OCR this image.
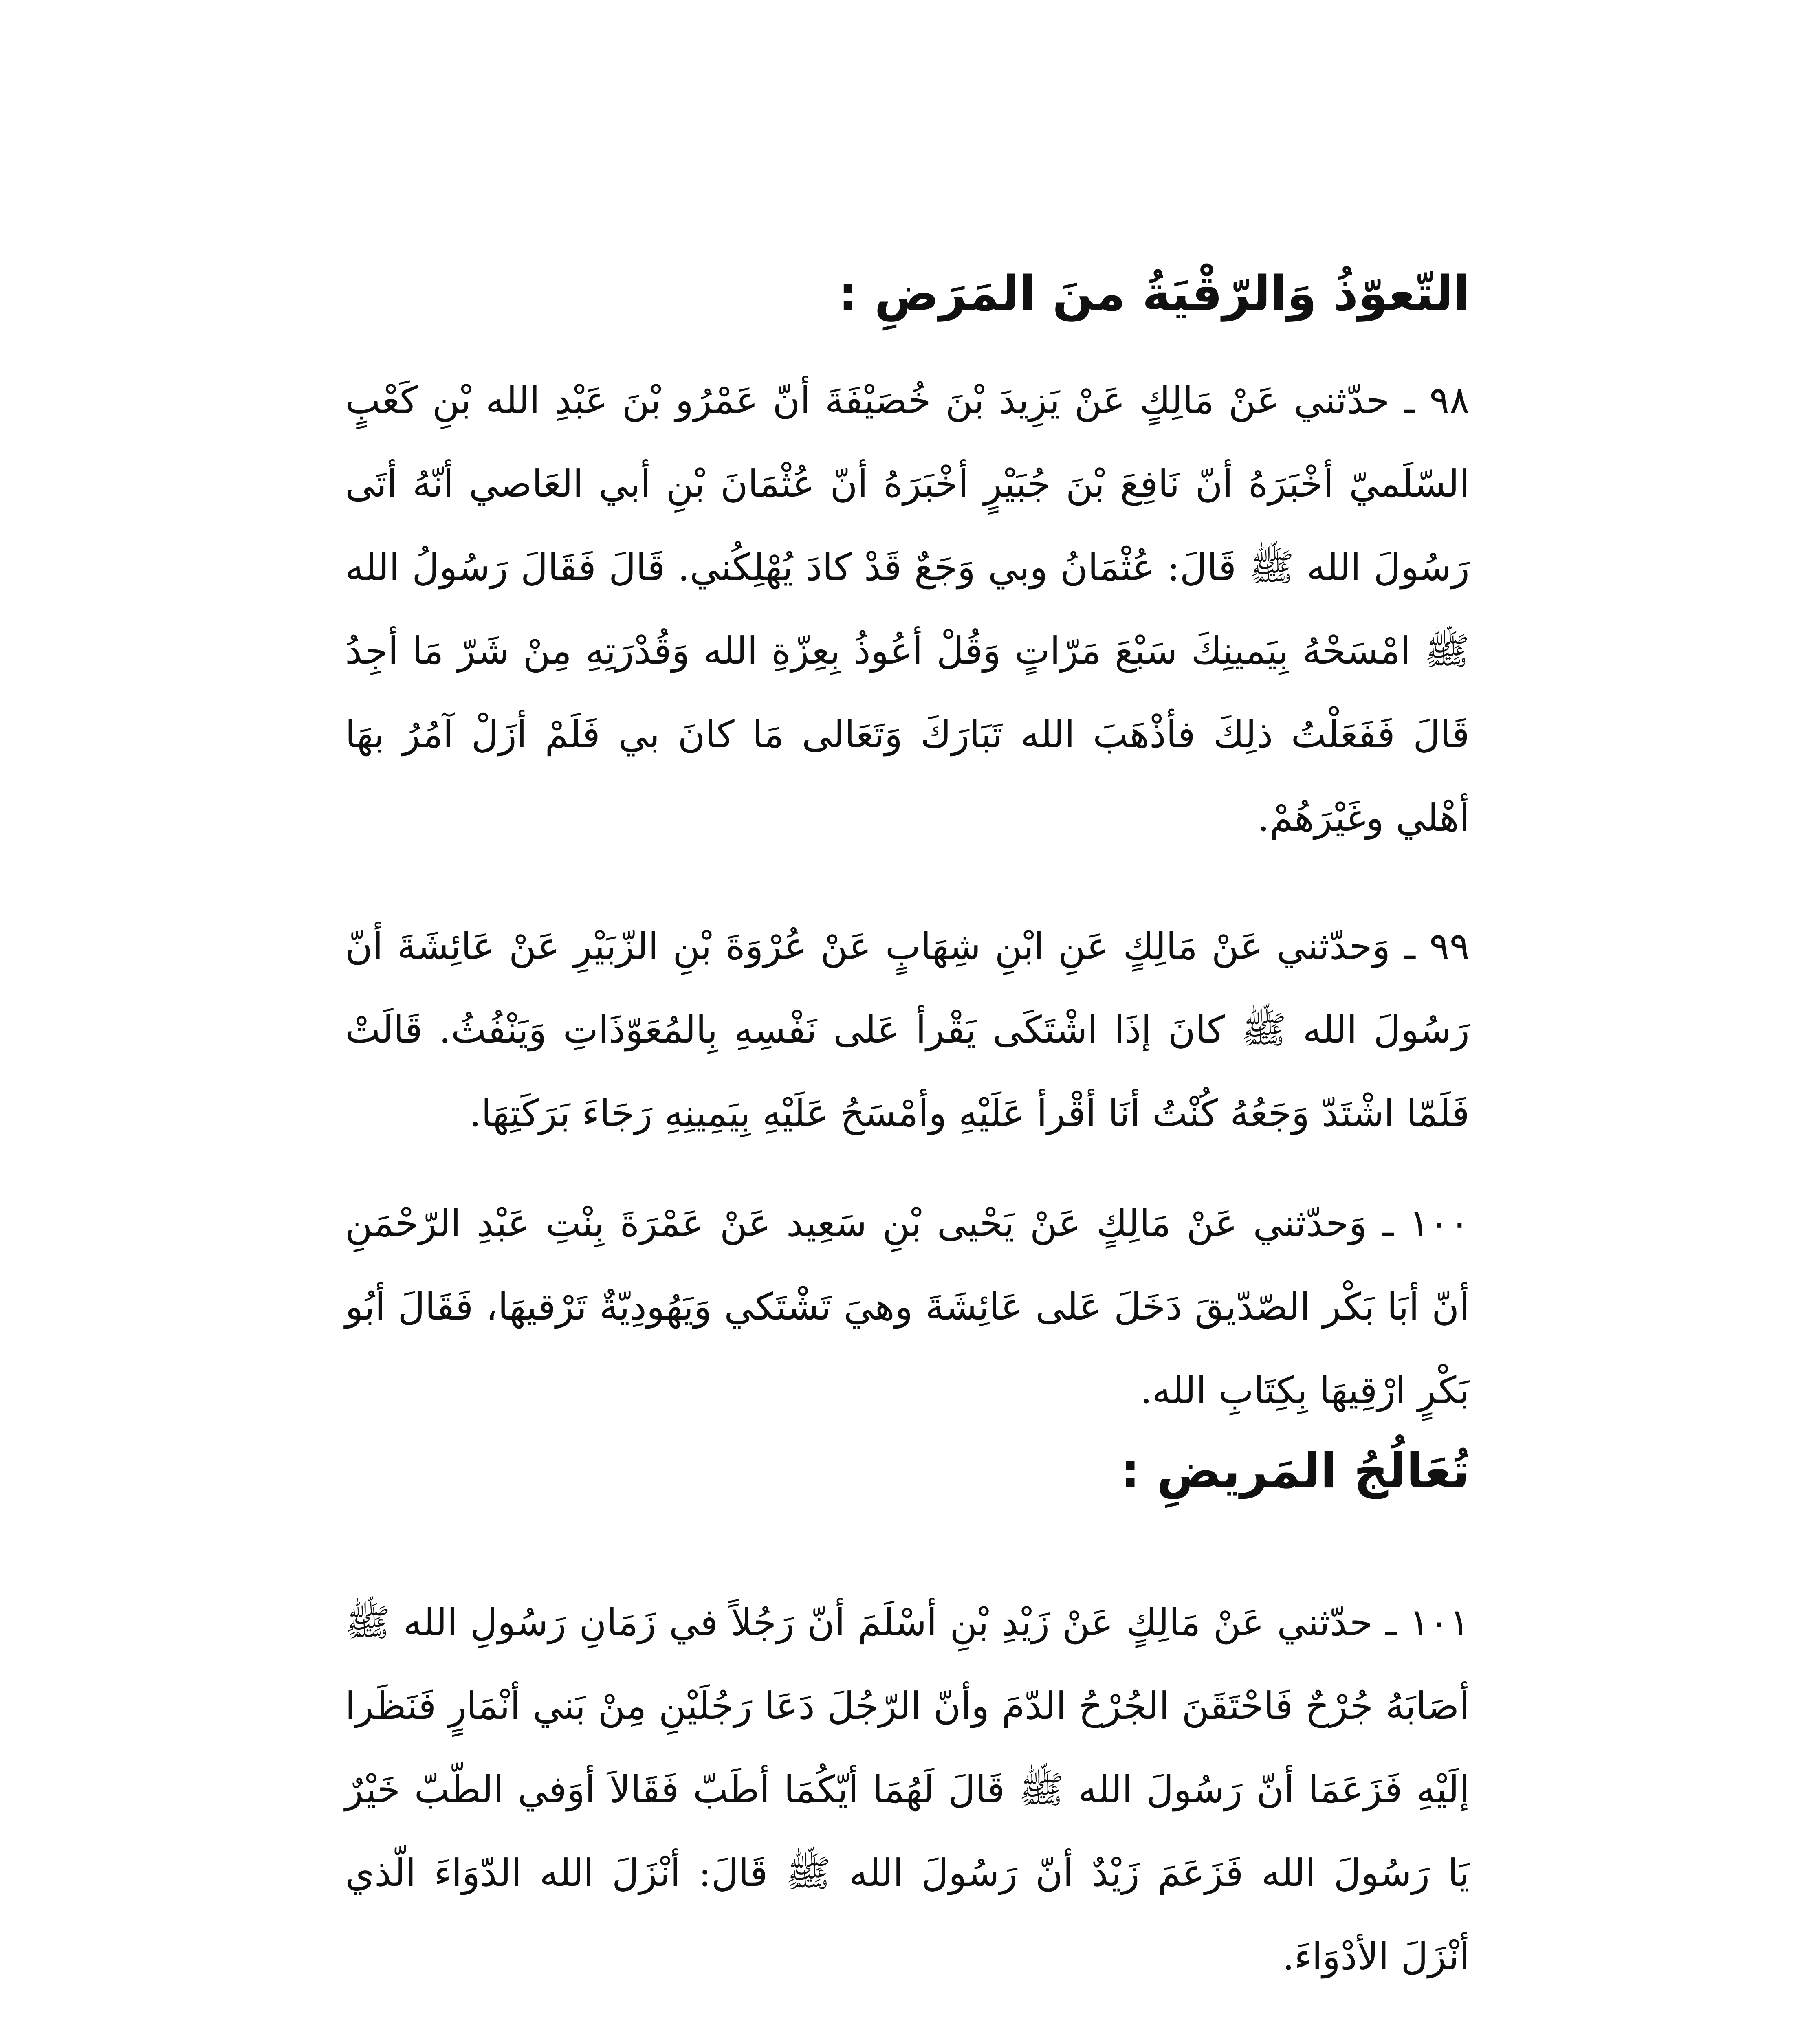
التّعوّذُ وَالرّقْيَةُ منَ المَرَضِ :

٩٨ ـ حدّثني عَنْ مَالِكٍ عَنْ يَزِيدَ بْنَ خُصَيْفَةَ أنّ عَمْرُو بْنَ عَبْدِ الله بْنِ كَعْبٍ السّلَميّ أخْبَرَهُ أنّ نَافِعَ بْنَ جُبَيْرٍ أخْبَرَهُ أنّ عُثْمَانَ بْنِ أبي العَاصي أنّهُ أتَى رَسُولَ الله ﷺ قَالَ: عُثْمَانُ وبي وَجَعٌ قَدْ كادَ يُهْلِكُني. قَالَ فَقَالَ رَسُولُ الله ﷺ امْسَحْهُ بِيَمينِكَ سَبْعَ مَرّاتٍ وَقُلْ أعُوذُ بِعِزّةِ الله وَقُدْرَتِهِ مِنْ شَرّ مَا أجِدُ قَالَ فَفَعَلْتُ ذلِكَ فأذْهَبَ الله تَبَارَكَ وَتَعَالى مَا كانَ بي فَلَمْ أزَلْ آمُرُ بهَا أهْلي وغَيْرَهُمْ.

٩٩ ـ وَحدّثني عَنْ مَالِكٍ عَنِ ابْنِ شِهَابٍ عَنْ عُرْوَةَ بْنِ الزّبَيْرِ عَنْ عَائِشَةَ أنّ رَسُولَ الله ﷺ كانَ إذَا اشْتَكَى يَقْرأ عَلى نَفْسِهِ بِالمُعَوّذَاتِ وَيَنْفُثُ. قَالَتْ فَلَمّا اشْتَدّ وَجَعُهُ كُنْتُ أنَا أقْرأ عَلَيْهِ وأمْسَحُ عَلَيْهِ بِيَمِينِهِ رَجَاءَ بَرَكَتِهَا.

١٠٠ ـ وَحدّثني عَنْ مَالِكٍ عَنْ يَحْيى بْنِ سَعِيد عَنْ عَمْرَةَ بِنْتِ عَبْدِ الرّحْمَنِ أنّ أبَا بَكْر الصّدّيقَ دَخَلَ عَلى عَائِشَةَ وهيَ تَشْتَكي وَيَهُودِيّةٌ تَرْقيهَا، فَقَالَ أبُو بَكْرٍ ارْقِيهَا بِكِتَابِ الله.

تُعَالُجُ المَريضِ :

١٠١ ـ حدّثني عَنْ مَالِكٍ عَنْ زَيْدِ بْنِ أسْلَمَ أنّ رَجُلاً في زَمَانِ رَسُولِ الله ﷺ أصَابَهُ جُرْحٌ فَاحْتَقَنَ الجُرْحُ الدّمَ وأنّ الرّجُلَ دَعَا رَجُلَيْنِ مِنْ بَني أنْمَارٍ فَنَظَرا إلَيْهِ فَزَعَمَا أنّ رَسُولَ الله ﷺ قَالَ لَهُمَا أيّكُمَا أطَبّ فَقَالاَ أوَفي الطّبّ خَيْرٌ يَا رَسُولَ الله فَزَعَمَ زَيْدٌ أنّ رَسُولَ الله ﷺ قَالَ: أنْزَلَ الله الدّوَاءَ الّذي أنْزَلَ الأدْوَاءَ.
